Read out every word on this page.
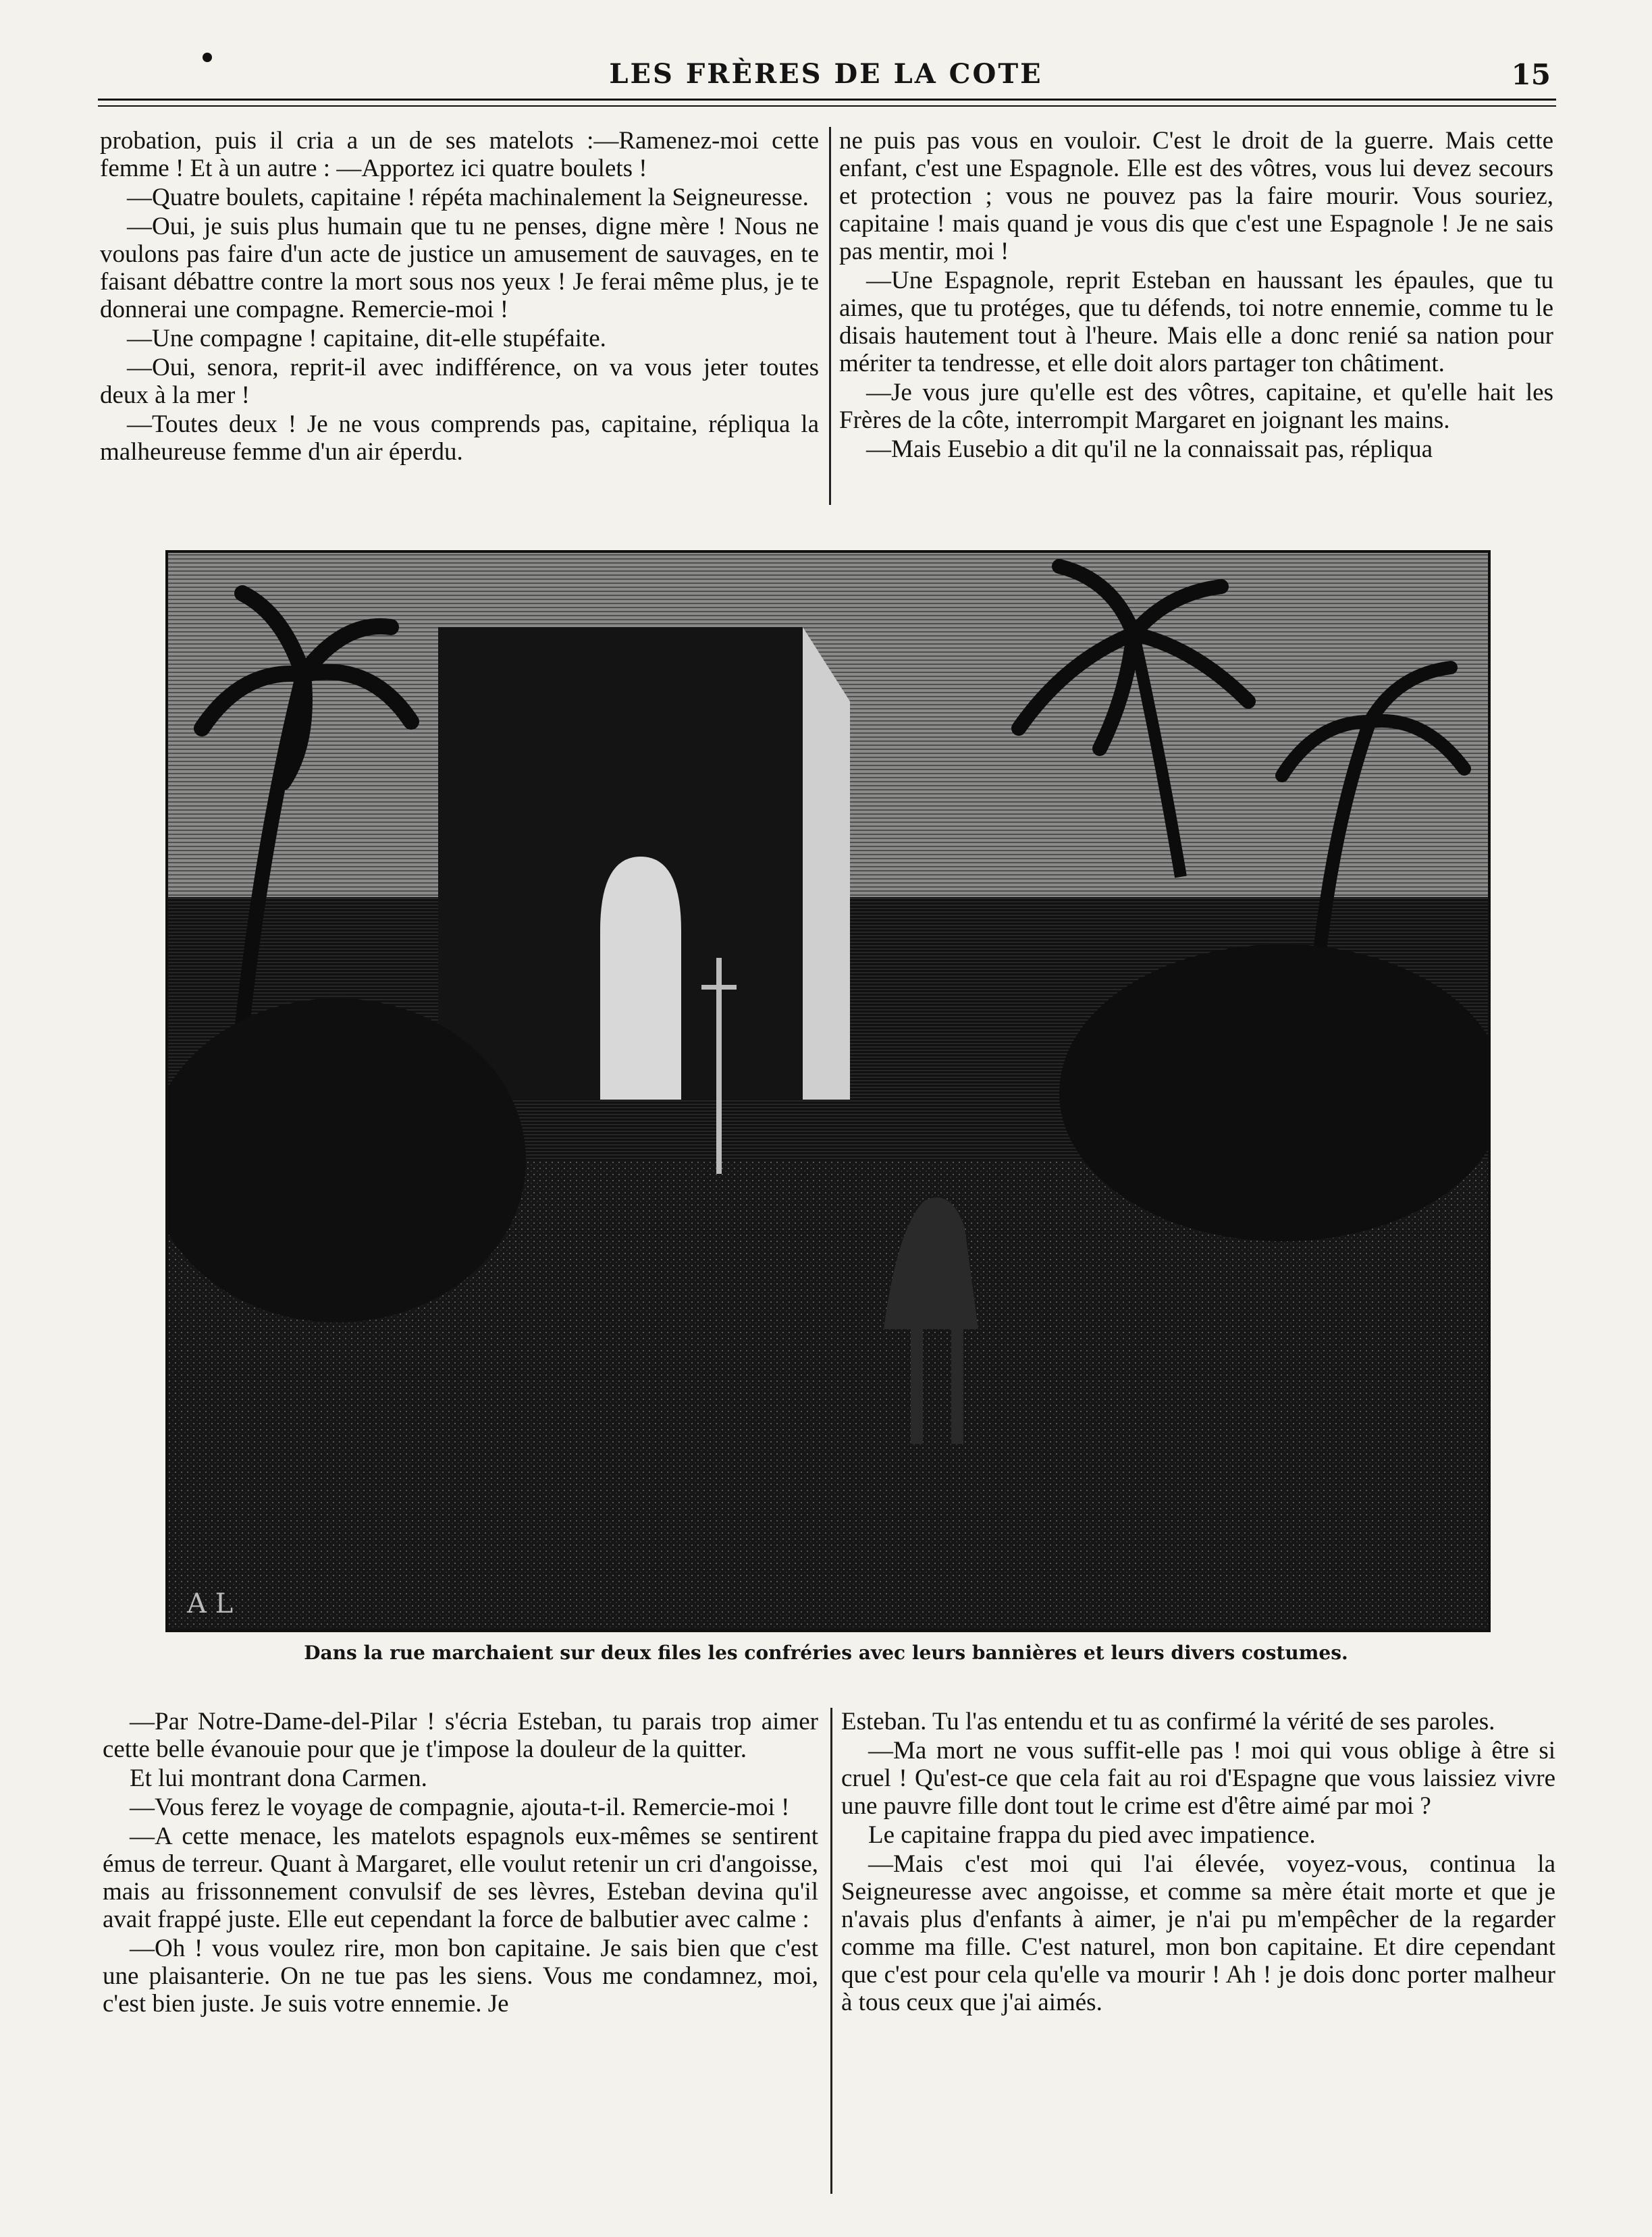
LES FRÈRES DE LA COTE	15

probation, puis il cria a un de ses matelots :—Ramenez-moi cette femme ! Et à un autre : —Apportez ici quatre boulets !

—Quatre boulets, capitaine ! répéta machinalement la Seigneuresse.

—Oui, je suis plus humain que tu ne penses, digne mère ! Nous ne voulons pas faire d'un acte de justice un amusement de sauvages, en te faisant débattre contre la mort sous nos yeux ! Je ferai même plus, je te donnerai une compagne. Remercie-moi !

—Une compagne ! capitaine, dit-elle stupéfaite.

—Oui, senora, reprit-il avec indifférence, on va vous jeter toutes deux à la mer !

—Toutes deux ! Je ne vous comprends pas, capitaine, répliqua la malheureuse femme d'un air éperdu.

ne puis pas vous en vouloir. C'est le droit de la guerre. Mais cette enfant, c'est une Espagnole. Elle est des vôtres, vous lui devez secours et protection ; vous ne pouvez pas la faire mourir. Vous souriez, capitaine ! mais quand je vous dis que c'est une Espagnole ! Je ne sais pas mentir, moi !

—Une Espagnole, reprit Esteban en haussant les épaules, que tu aimes, que tu protéges, que tu défends, toi notre ennemie, comme tu le disais hautement tout à l'heure. Mais elle a donc renié sa nation pour mériter ta tendresse, et elle doit alors partager ton châtiment.

—Je vous jure qu'elle est des vôtres, capitaine, et qu'elle hait les Frères de la côte, interrompit Margaret en joignant les mains.

—Mais Eusebio a dit qu'il ne la connaissait pas, répliqua

A L
Dans la rue marchaient sur deux files les confréries avec leurs bannières et leurs divers costumes.

—Par Notre-Dame-del-Pilar ! s'écria Esteban, tu parais trop aimer cette belle évanouie pour que je t'impose la douleur de la quitter.

Et lui montrant dona Carmen.

—Vous ferez le voyage de compagnie, ajouta-t-il. Remercie-moi !

—A cette menace, les matelots espagnols eux-mêmes se sentirent émus de terreur. Quant à Margaret, elle voulut retenir un cri d'angoisse, mais au frissonnement convulsif de ses lèvres, Esteban devina qu'il avait frappé juste. Elle eut cependant la force de balbutier avec calme :

—Oh ! vous voulez rire, mon bon capitaine. Je sais bien que c'est une plaisanterie. On ne tue pas les siens. Vous me condamnez, moi, c'est bien juste. Je suis votre ennemie. Je

Esteban. Tu l'as entendu et tu as confirmé la vérité de ses paroles.

—Ma mort ne vous suffit-elle pas ! moi qui vous oblige à être si cruel ! Qu'est-ce que cela fait au roi d'Espagne que vous laissiez vivre une pauvre fille dont tout le crime est d'être aimé par moi ?

Le capitaine frappa du pied avec impatience.

—Mais c'est moi qui l'ai élevée, voyez-vous, continua la Seigneuresse avec angoisse, et comme sa mère était morte et que je n'avais plus d'enfants à aimer, je n'ai pu m'empêcher de la regarder comme ma fille. C'est naturel, mon bon capitaine. Et dire cependant que c'est pour cela qu'elle va mourir ! Ah ! je dois donc porter malheur à tous ceux que j'ai aimés.
